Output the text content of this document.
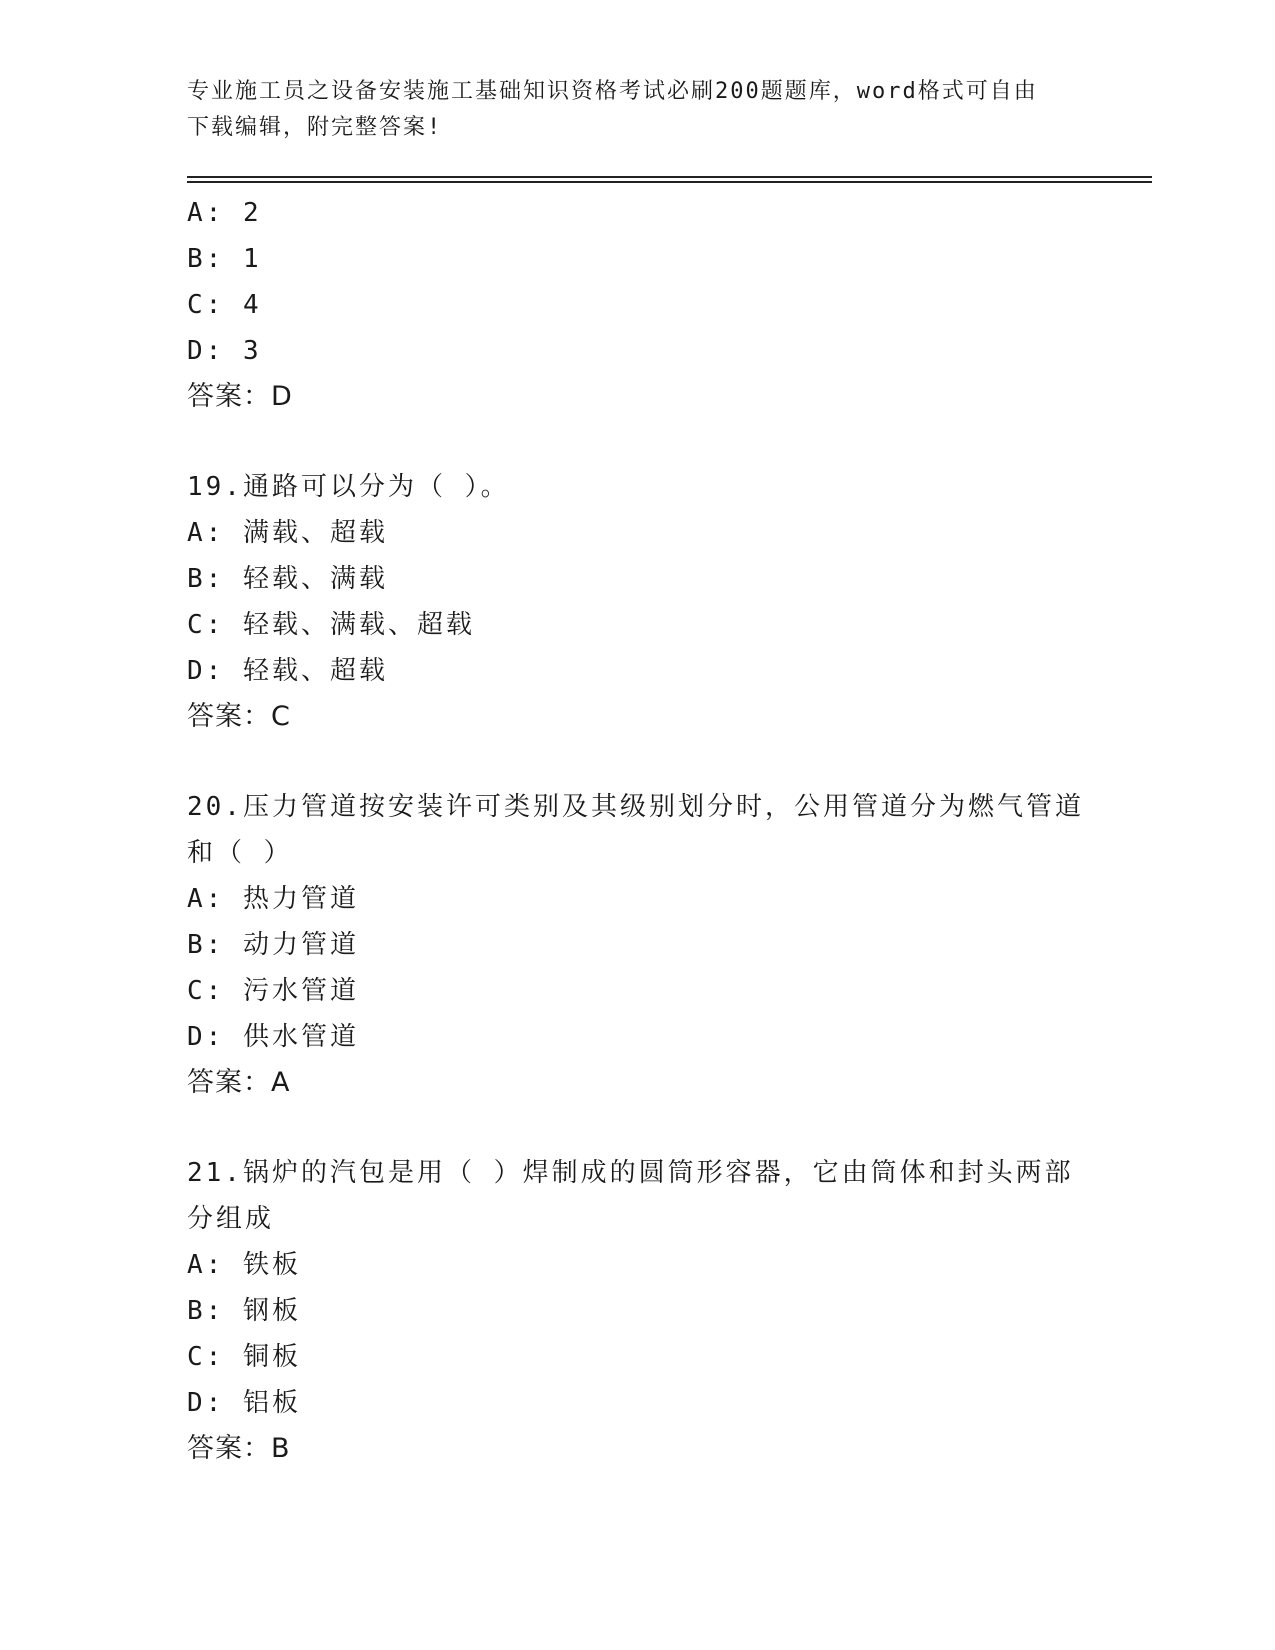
专业施工员之设备安装施工基础知识资格考试必刷200题题库，word格式可自由
下载编辑，附完整答案!
A: 2
B: 1
C: 4
D: 3
答案：D
19.通路可以分为（ ）。
A: 满载、超载
B: 轻载、满载
C: 轻载、满载、超载
D: 轻载、超载
答案：C
20.压力管道按安装许可类别及其级别划分时，公用管道分为燃气管道
和（ ）
A: 热力管道
B: 动力管道
C: 污水管道
D: 供水管道
答案：A
21.锅炉的汽包是用（ ）焊制成的圆筒形容器，它由筒体和封头两部
分组成
A: 铁板
B: 钢板
C: 铜板
D: 铝板
答案：B
